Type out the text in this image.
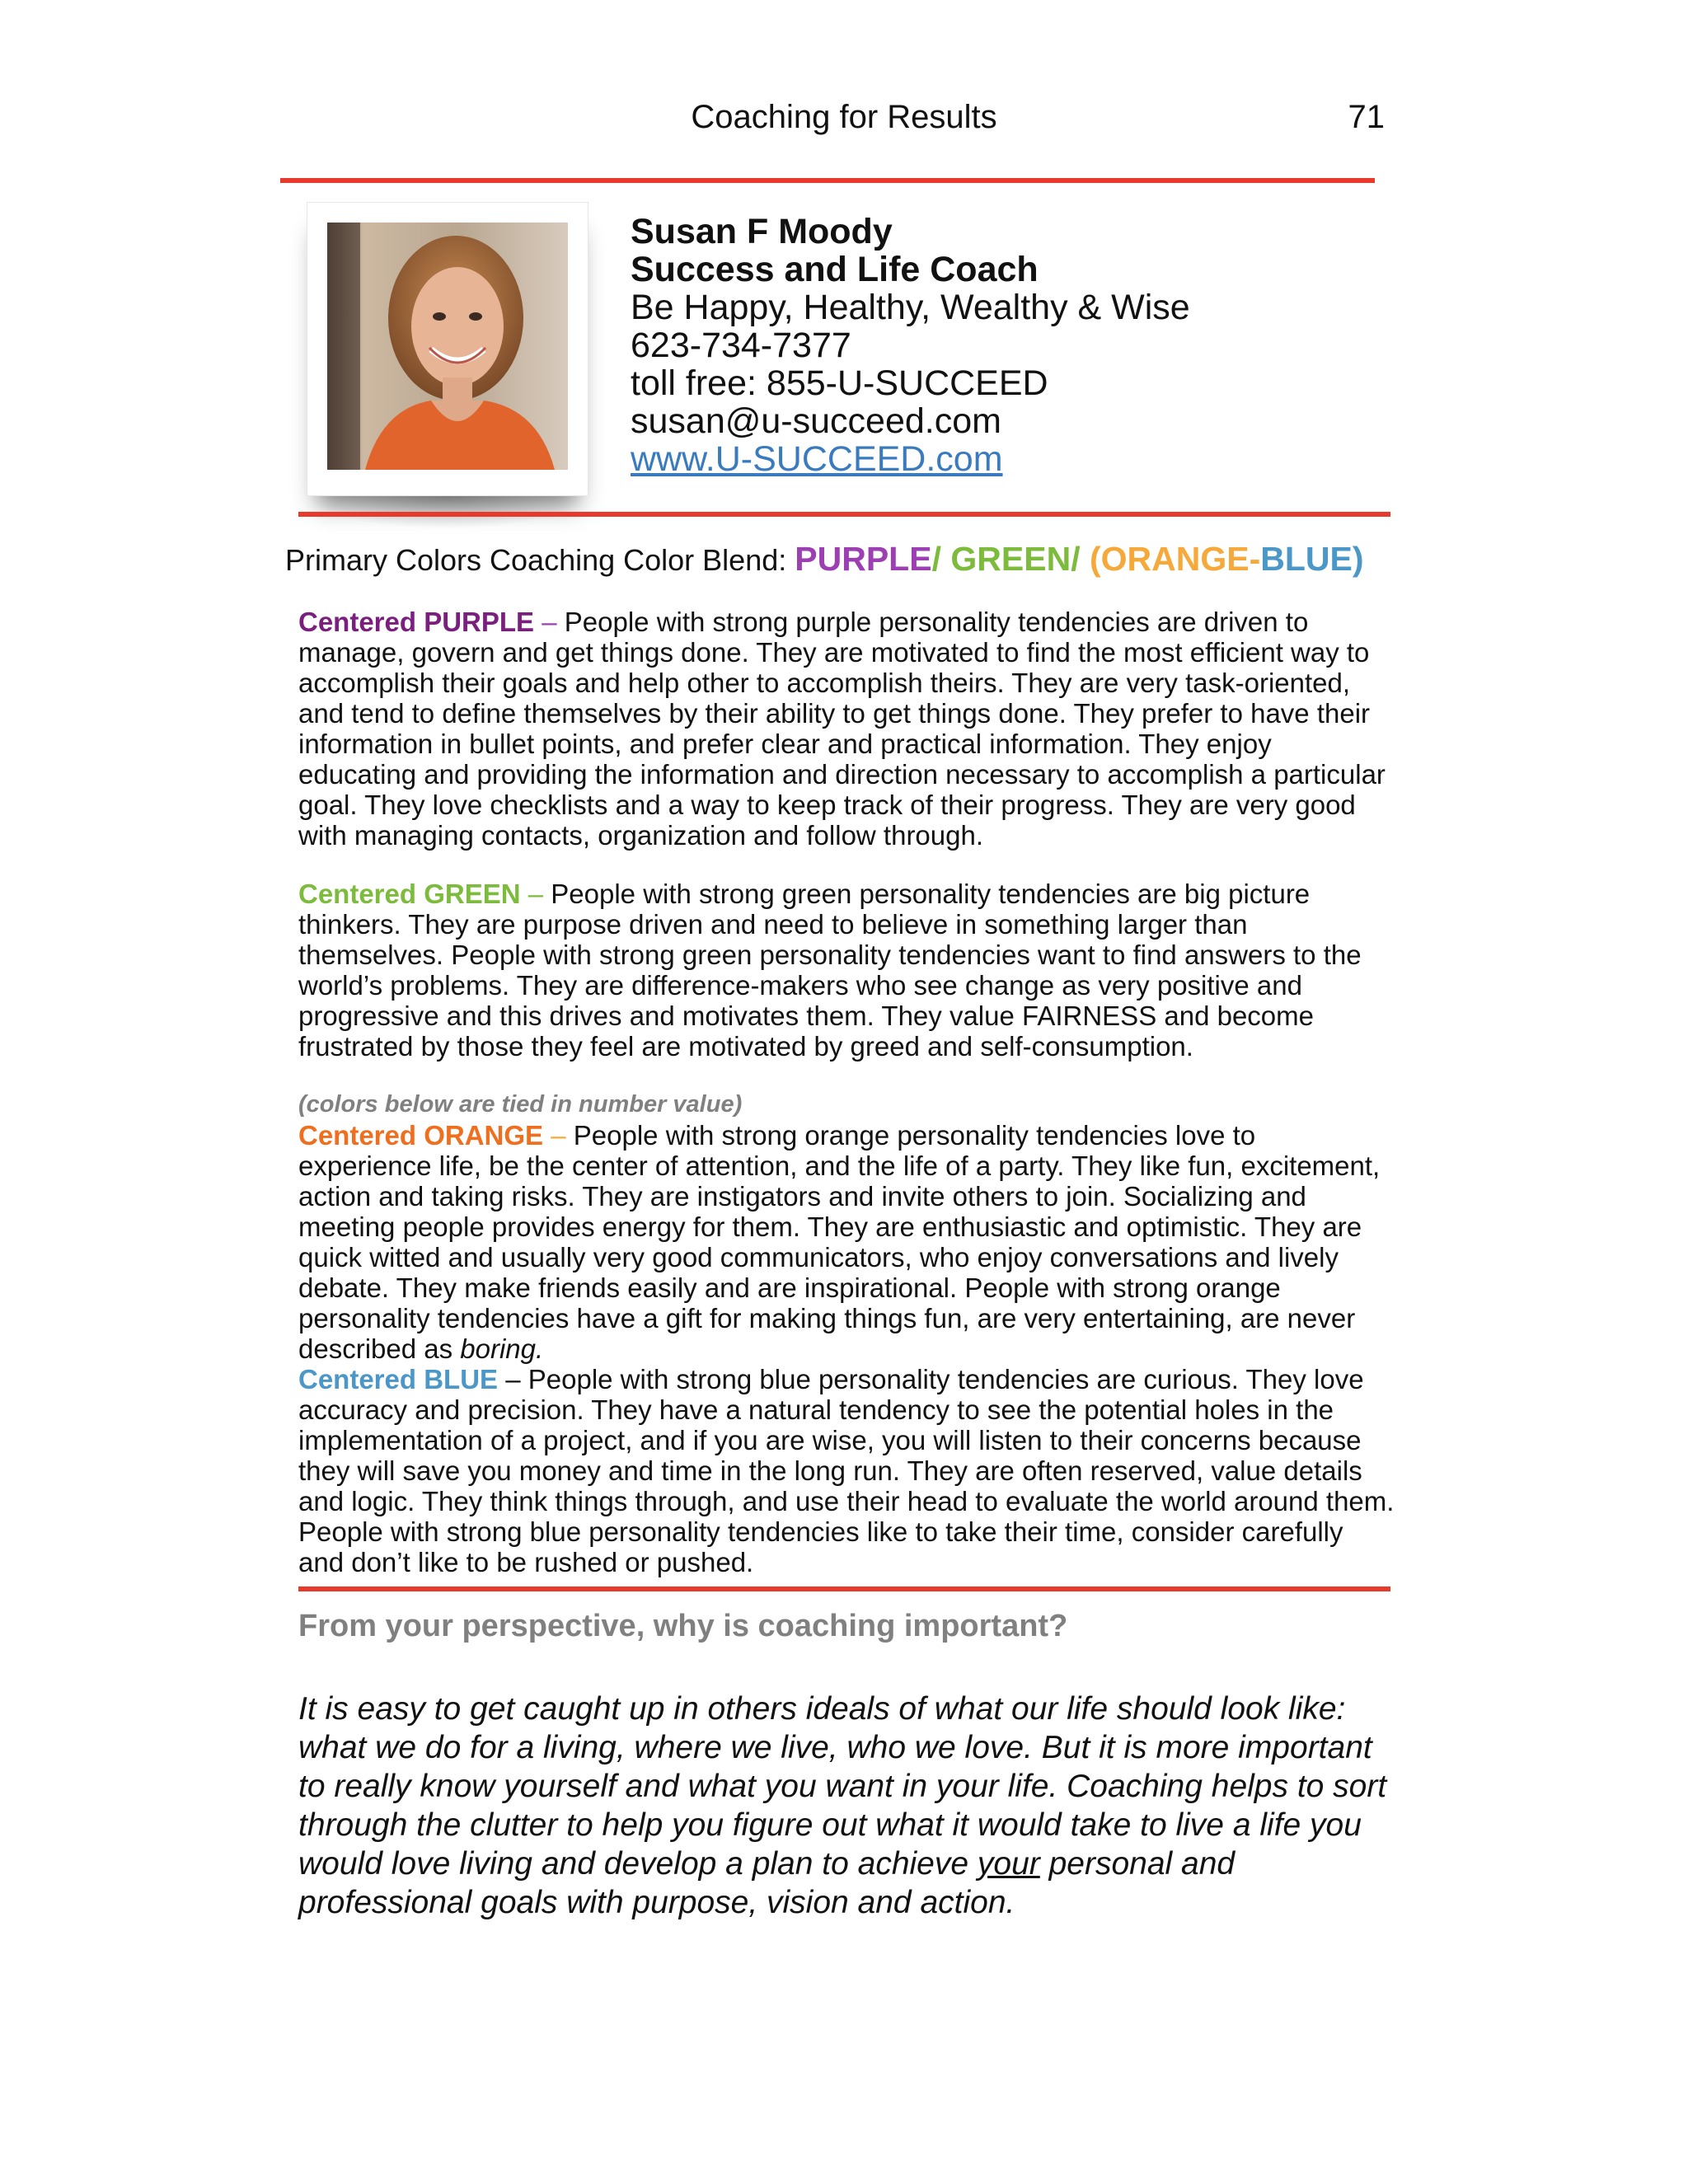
Coaching for Results	71
Susan F Moody
Success and Life Coach
Be Happy, Healthy, Wealthy & Wise
623-734-7377
toll free: 855-U-SUCCEED
susan@u-succeed.com
www.U-SUCCEED.com
Primary Colors Coaching Color Blend: PURPLE/ GREEN/ (ORANGE-BLUE)

Centered PURPLE – People with strong purple personality tendencies are driven to manage, govern and get things done. They are motivated to find the most efficient way to accomplish their goals and help other to accomplish theirs. They are very task-oriented, and tend to define themselves by their ability to get things done. They prefer to have their information in bullet points, and prefer clear and practical information. They enjoy educating and providing the information and direction necessary to accomplish a particular goal. They love checklists and a way to keep track of their progress. They are very good with managing contacts, organization and follow through.

Centered GREEN – People with strong green personality tendencies are big picture thinkers. They are purpose driven and need to believe in something larger than themselves. People with strong green personality tendencies want to find answers to the world’s problems. They are difference-makers who see change as very positive and progressive and this drives and motivates them. They value FAIRNESS and become frustrated by those they feel are motivated by greed and self-consumption.

(colors below are tied in number value)

Centered ORANGE – People with strong orange personality tendencies love to experience life, be the center of attention, and the life of a party. They like fun, excitement, action and taking risks. They are instigators and invite others to join. Socializing and meeting people provides energy for them. They are enthusiastic and optimistic. They are quick witted and usually very good communicators, who enjoy conversations and lively debate. They make friends easily and are inspirational. People with strong orange personality tendencies have a gift for making things fun, are very entertaining, are never described as boring.

Centered BLUE – People with strong blue personality tendencies are curious. They love accuracy and precision. They have a natural tendency to see the potential holes in the implementation of a project, and if you are wise, you will listen to their concerns because they will save you money and time in the long run. They are often reserved, value details and logic. They think things through, and use their head to evaluate the world around them. People with strong blue personality tendencies like to take their time, consider carefully and don’t like to be rushed or pushed.

From your perspective, why is coaching important?
It is easy to get caught up in others ideals of what our life should look like: what we do for a living, where we live, who we love. But it is more important to really know yourself and what you want in your life. Coaching helps to sort through the clutter to help you figure out what it would take to live a life you would love living and develop a plan to achieve your personal and professional goals with purpose, vision and action.
